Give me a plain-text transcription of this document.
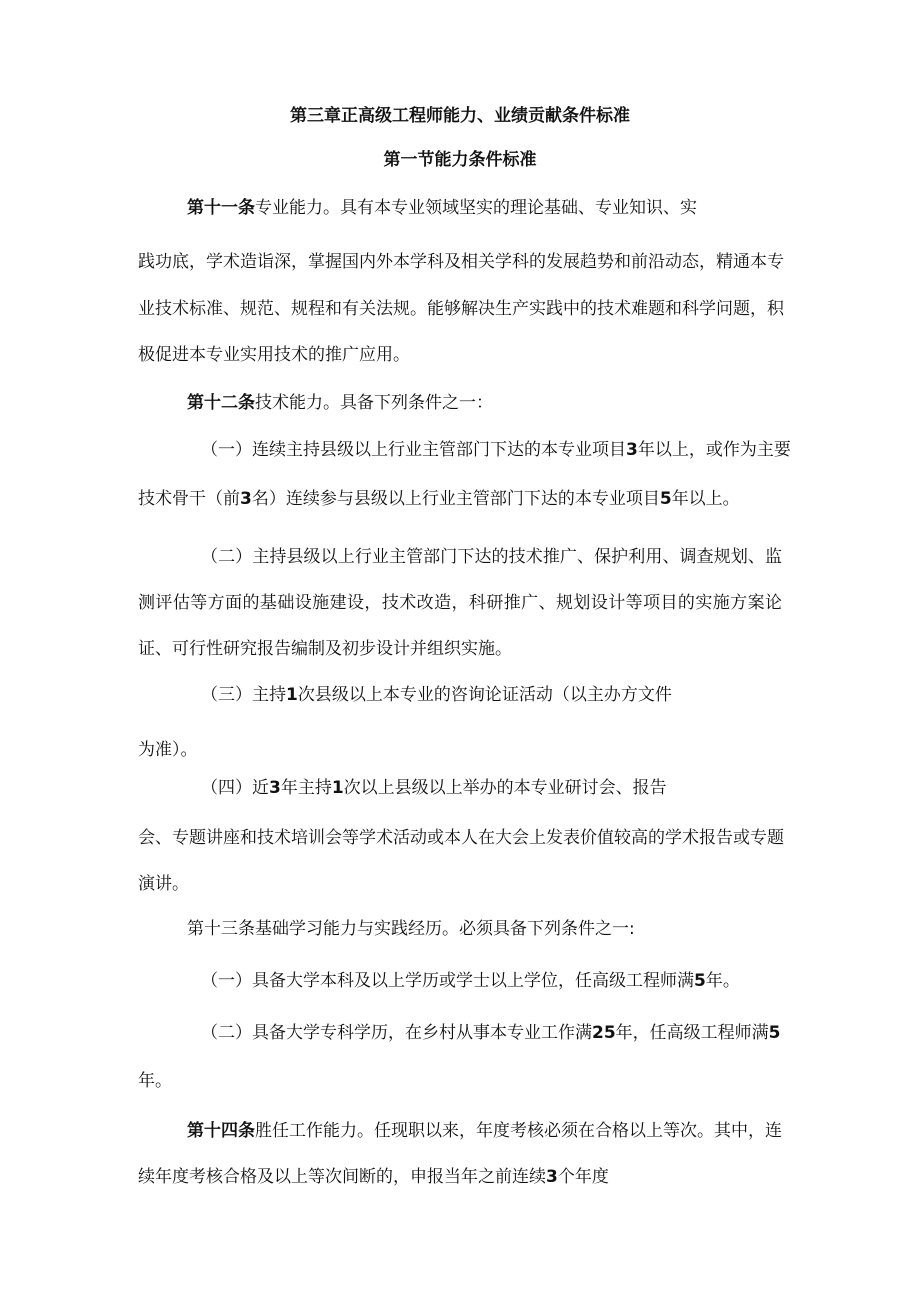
第三章正高级工程师能力、业绩贡献条件标准

第一节能力条件标准

第十一条专业能力。具有本专业领域坚实的理论基础、专业知识、实

践功底，学术造诣深，掌握国内外本学科及相关学科的发展趋势和前沿动态，精通本专

业技术标准、规范、规程和有关法规。能够解决生产实践中的技术难题和科学问题，积

极促进本专业实用技术的推广应用。

第十二条技术能力。具备下列条件之一：

（一）连续主持县级以上行业主管部门下达的本专业项目3年以上，或作为主要

技术骨干（前3名）连续参与县级以上行业主管部门下达的本专业项目5年以上。

（二）主持县级以上行业主管部门下达的技术推广、保护利用、调查规划、监

测评估等方面的基础设施建设，技术改造，科研推广、规划设计等项目的实施方案论

证、可行性研究报告编制及初步设计并组织实施。

（三）主持1次县级以上本专业的咨询论证活动（以主办方文件

为准）。

（四）近3年主持1次以上县级以上举办的本专业研讨会、报告

会、专题讲座和技术培训会等学术活动或本人在大会上发表价值较高的学术报告或专题

演讲。

第十三条基础学习能力与实践经历。必须具备下列条件之一:

（一）具备大学本科及以上学历或学士以上学位，任高级工程师满5年。

（二）具备大学专科学历，在乡村从事本专业工作满25年，任高级工程师满5

年。

第十四条胜任工作能力。任现职以来，年度考核必须在合格以上等次。其中，连

续年度考核合格及以上等次间断的，申报当年之前连续3个年度
